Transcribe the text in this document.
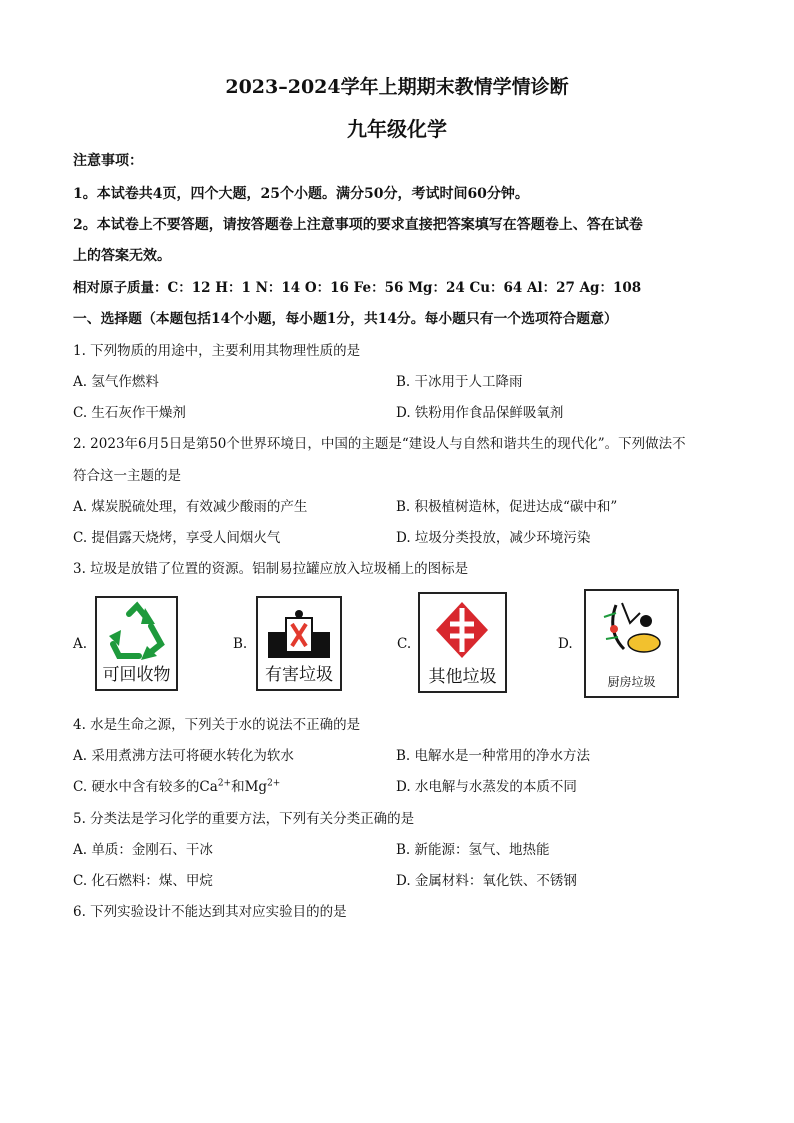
2023–2024学年上期期末教情学情诊断
九年级化学
注意事项：
1。本试卷共4页，四个大题，25个小题。满分50分，考试时间60分钟。
2。本试卷上不要答题，请按答题卷上注意事项的要求直接把答案填写在答题卷上、答在试卷
上的答案无效。
相对原子质量：C：12 H：1 N：14 O：16 Fe：56 Mg：24 Cu：64 Al：27 Ag：108
一、选择题（本题包括14个小题，每小题1分，共14分。每小题只有一个选项符合题意）
1. 下列物质的用途中，主要利用其物理性质的是
A. 氢气作燃料	B. 干冰用于人工降雨
C. 生石灰作干燥剂	D. 铁粉用作食品保鲜吸氧剂
2. 2023年6月5日是第50个世界环境日，中国的主题是“建设人与自然和谐共生的现代化”。下列做法不
符合这一主题的是
A. 煤炭脱硫处理，有效减少酸雨的产生	B. 积极植树造林，促进达成“碳中和”
C. 提倡露天烧烤，享受人间烟火气	D. 垃圾分类投放，减少环境污染
3. 垃圾是放错了位置的资源。铝制易拉罐应放入垃圾桶上的图标是
A.
可回收物
B.
有害垃圾
C.
其他垃圾
D.
厨房垃圾
4. 水是生命之源，下列关于水的说法不正确的是
A. 采用煮沸方法可将硬水转化为软水	B. 电解水是一种常用的净水方法
C. 硬水中含有较多的$Ca^{2+}$和$Mg^{2+}$	D. 水电解与水蒸发的本质不同
5. 分类法是学习化学的重要方法，下列有关分类正确的是
A. 单质：金刚石、干冰	B. 新能源：氢气、地热能
C. 化石燃料：煤、甲烷	D. 金属材料：氧化铁、不锈钢
6. 下列实验设计不能达到其对应实验目的的是
